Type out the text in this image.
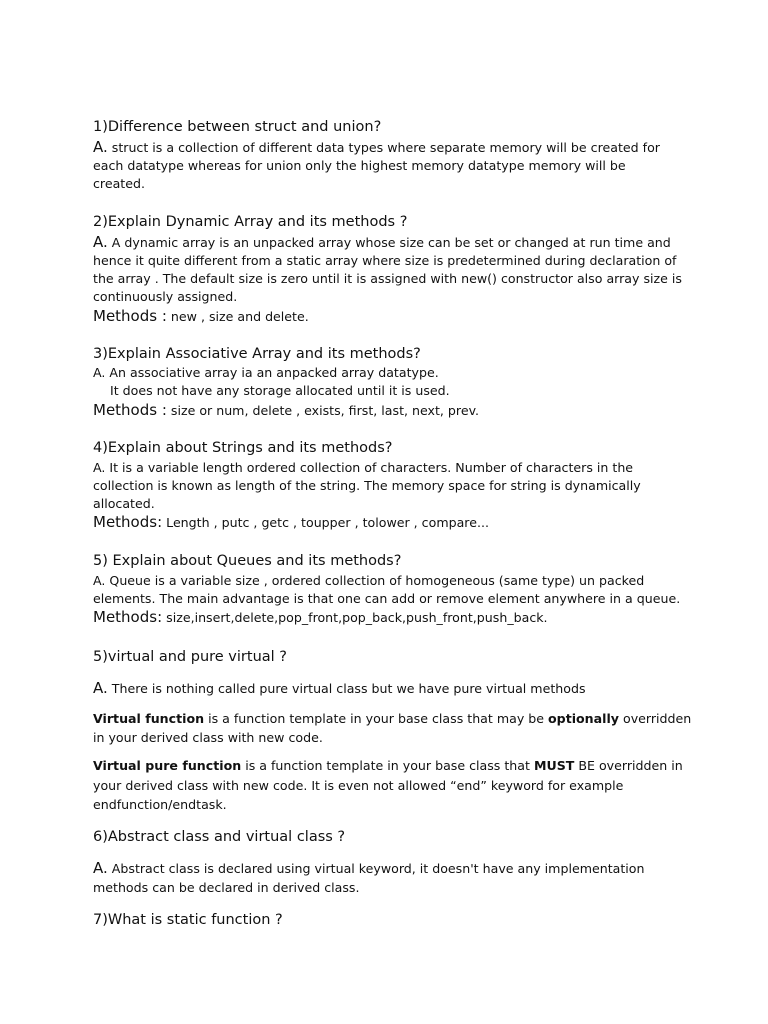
1)Difference between struct and union?
A. struct is a collection of different data types where separate memory will be created for
each datatype whereas for union only the highest memory datatype memory will be
created.
2)Explain Dynamic Array and its methods ?
A. A dynamic array is an unpacked array whose size can be set or changed at run time and
hence it quite different from a static array where size is predetermined during declaration of
the array . The default size is zero until it is assigned with new() constructor also array size is
continuously assigned.
Methods : new , size and delete.
3)Explain Associative Array and its methods?
A. An associative array ia an anpacked array datatype.
It does not have any storage allocated until it is used.
Methods : size or num, delete , exists, first, last, next, prev.
4)Explain about Strings and its methods?
A. It is a variable length ordered collection of characters. Number of characters in the
collection is known as length of the string. The memory space for string is dynamically
allocated.
Methods: Length , putc , getc , toupper , tolower , compare...
5) Explain about Queues and its methods?
A. Queue is a variable size , ordered collection of homogeneous (same type) un packed
elements. The main advantage is that one can add or remove element anywhere in a queue.
Methods: size,insert,delete,pop_front,pop_back,push_front,push_back.
5)virtual and pure virtual ?
A. There is nothing called pure virtual class but we have pure virtual methods
Virtual function is a function template in your base class that may be optionally overridden
in your derived class with new code.
Virtual pure function is a function template in your base class that MUST BE overridden in
your derived class with new code. It is even not allowed “end” keyword for example
endfunction/endtask.
6)Abstract class and virtual class ?
A. Abstract class is declared using virtual keyword, it doesn't have any implementation
methods can be declared in derived class.
7)What is static function ?
